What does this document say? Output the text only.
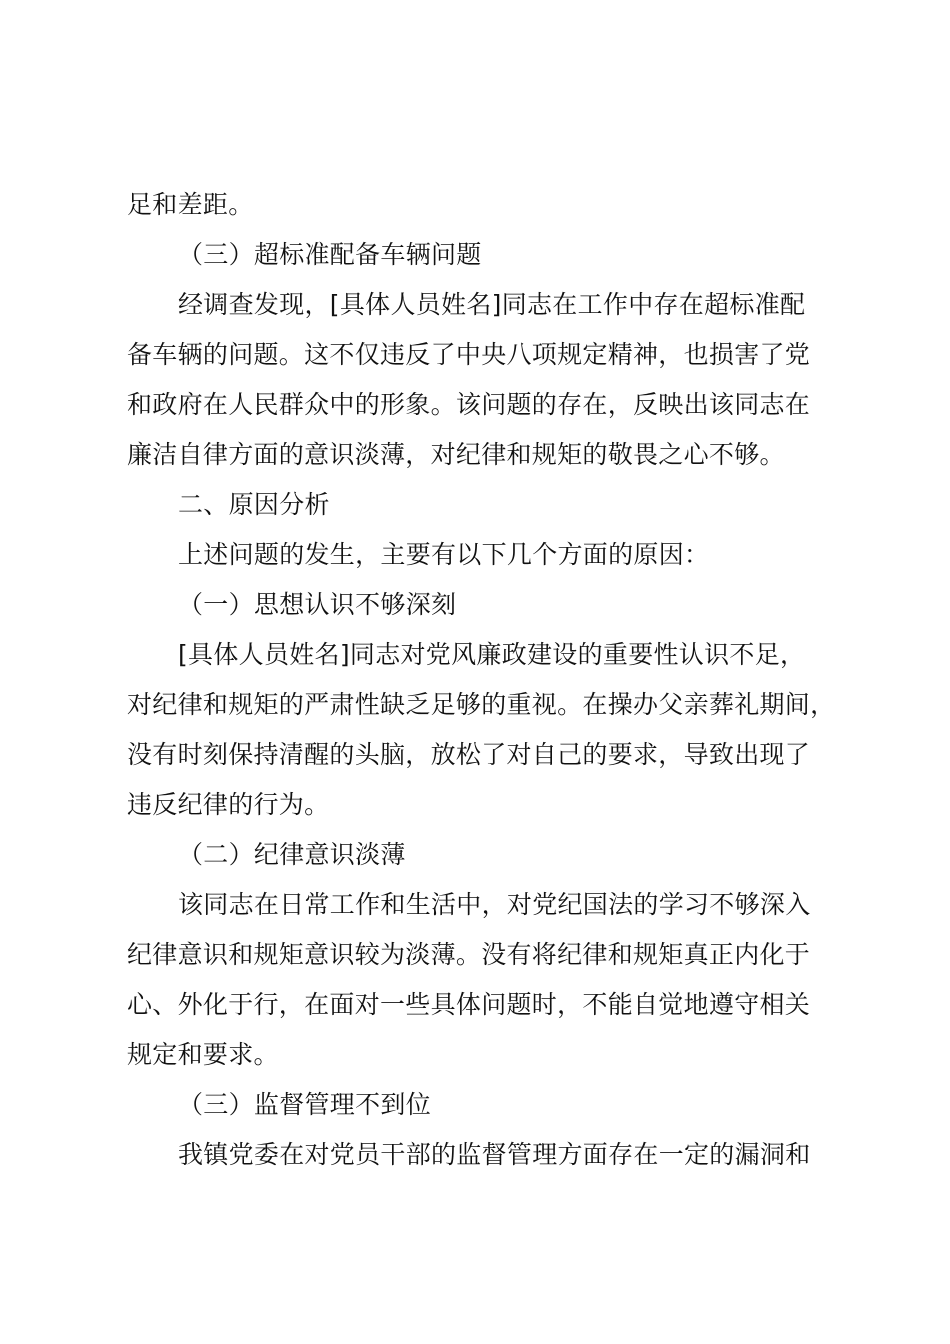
足和差距。
（三）超标准配备车辆问题
经调查发现，[具体人员姓名]同志在工作中存在超标准配
备车辆的问题。这不仅违反了中央八项规定精神，也损害了党
和政府在人民群众中的形象。该问题的存在，反映出该同志在
廉洁自律方面的意识淡薄，对纪律和规矩的敬畏之心不够。
二、原因分析
上述问题的发生，主要有以下几个方面的原因：
（一）思想认识不够深刻
[具体人员姓名]同志对党风廉政建设的重要性认识不足，
对纪律和规矩的严肃性缺乏足够的重视。在操办父亲葬礼期间，
没有时刻保持清醒的头脑，放松了对自己的要求，导致出现了
违反纪律的行为。
（二）纪律意识淡薄
该同志在日常工作和生活中，对党纪国法的学习不够深入
纪律意识和规矩意识较为淡薄。没有将纪律和规矩真正内化于
心、外化于行，在面对一些具体问题时，不能自觉地遵守相关
规定和要求。
（三）监督管理不到位
我镇党委在对党员干部的监督管理方面存在一定的漏洞和
